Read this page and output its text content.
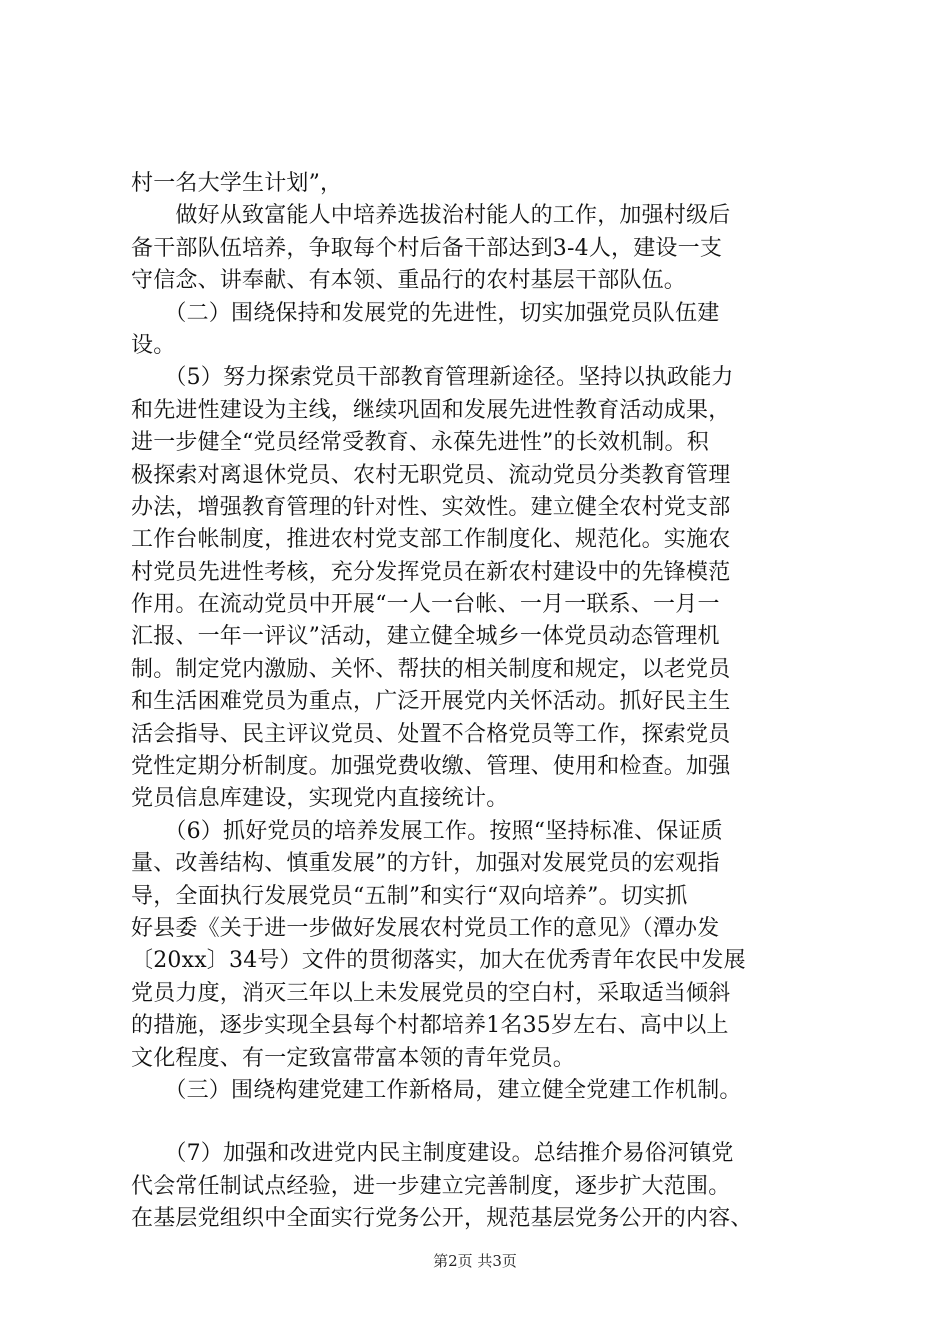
村一名大学生计划”，
　　做好从致富能人中培养选拔治村能人的工作，加强村级后
备干部队伍培养，争取每个村后备干部达到3-4人，建设一支
守信念、讲奉献、有本领、重品行的农村基层干部队伍。
　　（二）围绕保持和发展党的先进性，切实加强党员队伍建
设。
　　（5）努力探索党员干部教育管理新途径。坚持以执政能力
和先进性建设为主线，继续巩固和发展先进性教育活动成果，
进一步健全“党员经常受教育、永葆先进性”的长效机制。积
极探索对离退休党员、农村无职党员、流动党员分类教育管理
办法，增强教育管理的针对性、实效性。建立健全农村党支部
工作台帐制度，推进农村党支部工作制度化、规范化。实施农
村党员先进性考核，充分发挥党员在新农村建设中的先锋模范
作用。在流动党员中开展“一人一台帐、一月一联系、一月一
汇报、一年一评议”活动，建立健全城乡一体党员动态管理机
制。制定党内激励、关怀、帮扶的相关制度和规定，以老党员
和生活困难党员为重点，广泛开展党内关怀活动。抓好民主生
活会指导、民主评议党员、处置不合格党员等工作，探索党员
党性定期分析制度。加强党费收缴、管理、使用和检查。加强
党员信息库建设，实现党内直接统计。
　　（6）抓好党员的培养发展工作。按照“坚持标准、保证质
量、改善结构、慎重发展”的方针，加强对发展党员的宏观指
导，全面执行发展党员“五制”和实行“双向培养”。切实抓
好县委《关于进一步做好发展农村党员工作的意见》（潭办发
〔20xx〕34号）文件的贯彻落实，加大在优秀青年农民中发展
党员力度，消灭三年以上未发展党员的空白村，采取适当倾斜
的措施，逐步实现全县每个村都培养1名35岁左右、高中以上
文化程度、有一定致富带富本领的青年党员。
　　（三）围绕构建党建工作新格局，建立健全党建工作机制。
　　（7）加强和改进党内民主制度建设。总结推介易俗河镇党
代会常任制试点经验，进一步建立完善制度，逐步扩大范围。
在基层党组织中全面实行党务公开，规范基层党务公开的内容、
第2页 共3页
